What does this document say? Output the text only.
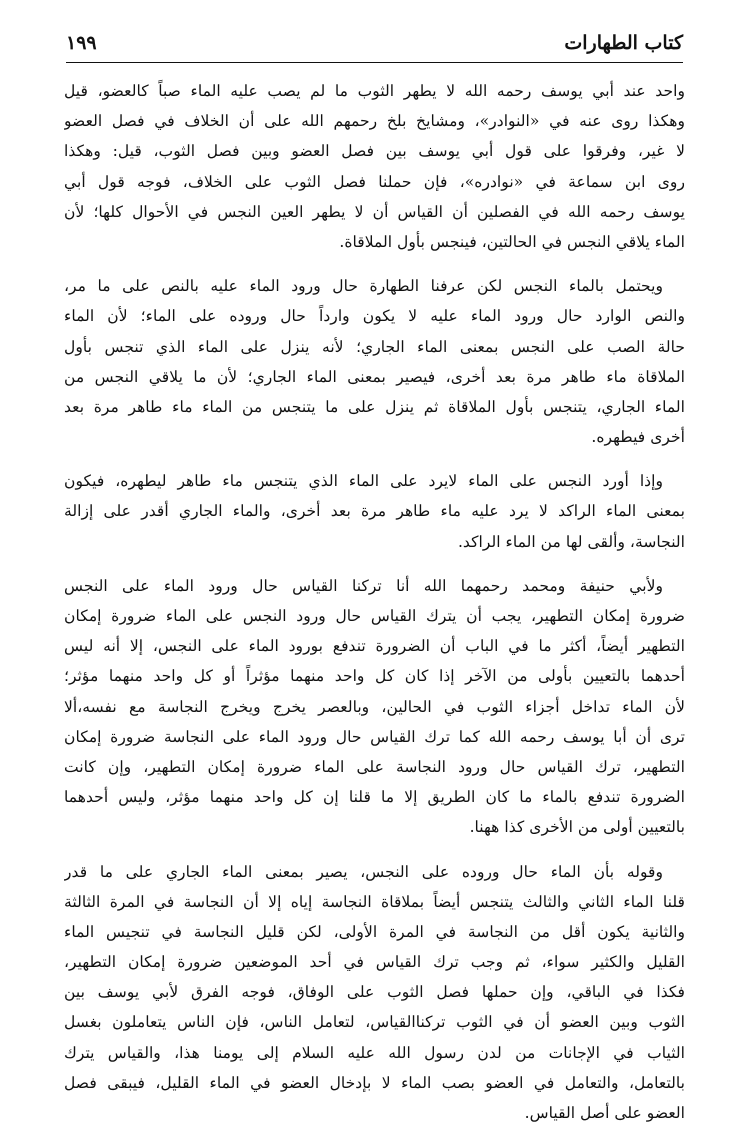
كتاب الطهارات
١٩٩
واحد عند أبي يوسف رحمه الله لا يطهر الثوب ما لم يصب عليه الماء صباً كالعضو، قيل
وهكذا روى عنه في «النوادر»، ومشايخ بلخ رحمهم الله على أن الخلاف في فصل العضو
لا غير، وفرقوا على قول أبي يوسف بين فصل العضو وبين فصل الثوب، قيل: وهكذا
روى ابن سماعة في «نوادره»، فإن حملنا فصل الثوب على الخلاف، فوجه قول أبي
يوسف رحمه الله في الفصلين أن القياس أن لا يطهر العين النجس في الأحوال كلها؛ لأن
الماء يلاقي النجس في الحالتين، فينجس بأول الملاقاة.
ويحتمل بالماء النجس لكن عرفنا الطهارة حال ورود الماء عليه بالنص على ما مر،
والنص الوارد حال ورود الماء عليه لا يكون وارداً حال وروده على الماء؛ لأن الماء
حالة الصب على النجس بمعنى الماء الجاري؛ لأنه ينزل على الماء الذي تنجس بأول
الملاقاة ماء طاهر مرة بعد أخرى، فيصير بمعنى الماء الجاري؛ لأن ما يلاقي النجس من
الماء الجاري، يتنجس بأول الملاقاة ثم ينزل على ما يتنجس من الماء ماء طاهر مرة بعد
أخرى فيطهره.
وإذا أورد النجس على الماء لايرد على الماء الذي يتنجس ماء طاهر ليطهره، فيكون
بمعنى الماء الراكد لا يرد عليه ماء طاهر مرة بعد أخرى، والماء الجاري أقدر على إزالة
النجاسة، وألقى لها من الماء الراكد.
ولأبي حنيفة ومحمد رحمهما الله أنا تركنا القياس حال ورود الماء على النجس
ضرورة إمكان التطهير، يجب أن يترك القياس حال ورود النجس على الماء ضرورة إمكان
التطهير أيضاً، أكثر ما في الباب أن الضرورة تندفع بورود الماء على النجس، إلا أنه ليس
أحدهما بالتعيين بأولى من الآخر إذا كان كل واحد منهما مؤثراً أو كل واحد منهما مؤثر؛
لأن الماء تداخل أجزاء الثوب في الحالين، وبالعصر يخرج ويخرج النجاسة مع نفسه،ألا
ترى أن أبا يوسف رحمه الله كما ترك القياس حال ورود الماء على النجاسة ضرورة إمكان
التطهير، ترك القياس حال ورود النجاسة على الماء ضرورة إمكان التطهير، وإن كانت
الضرورة تندفع بالماء ما كان الطريق إلا ما قلنا إن كل واحد منهما مؤثر، وليس أحدهما
بالتعيين أولى من الأخرى كذا ههنا.
وقوله بأن الماء حال وروده على النجس، يصير بمعنى الماء الجاري على ما قدر
قلنا الماء الثاني والثالث يتنجس أيضاً بملاقاة النجاسة إياه إلا أن النجاسة في المرة الثالثة
والثانية يكون أقل من النجاسة في المرة الأولى، لكن قليل النجاسة في تنجيس الماء
القليل والكثير سواء، ثم وجب ترك القياس في أحد الموضعين ضرورة إمكان التطهير،
فكذا في الباقي، وإن حملها فصل الثوب على الوفاق، فوجه الفرق لأبي يوسف بين
الثوب وبين العضو أن في الثوب تركناالقياس، لتعامل الناس، فإن الناس يتعاملون بغسل
الثياب في الإجانات من لدن رسول الله عليه السلام إلى يومنا هذا، والقياس يترك
بالتعامل، والتعامل في العضو بصب الماء لا بإدخال العضو في الماء القليل، فيبقى فصل
العضو على أصل القياس.
